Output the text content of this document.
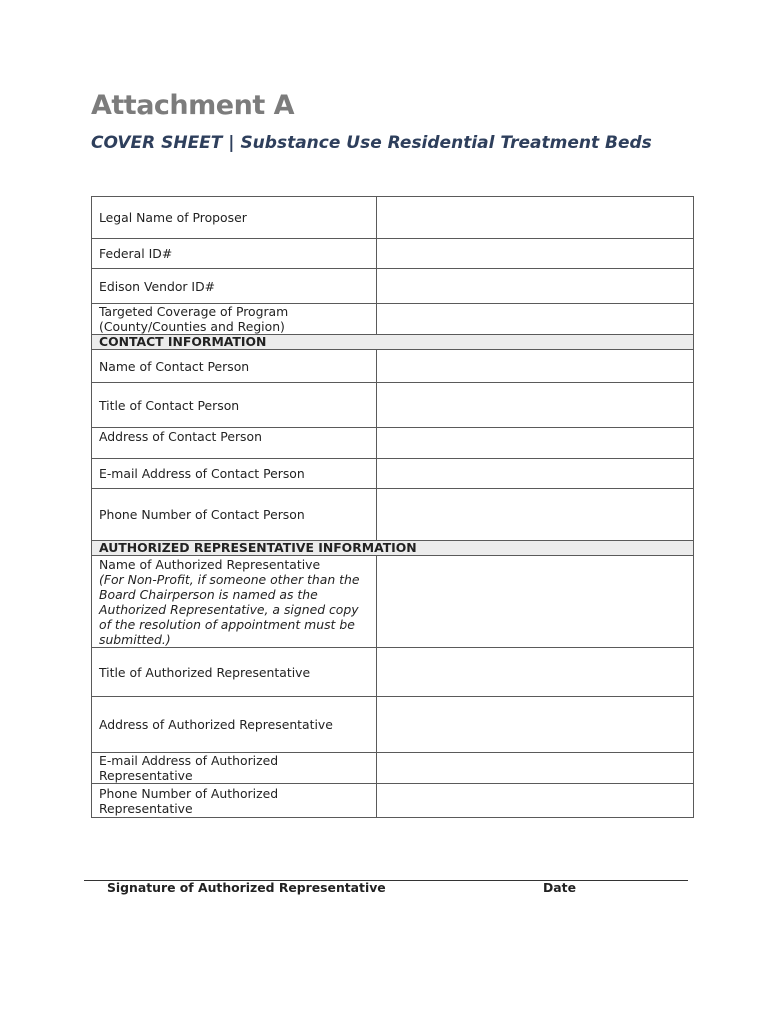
Attachment A
COVER SHEET | Substance Use Residential Treatment Beds
Legal Name of Proposer	
Federal ID#	
Edison Vendor ID#	
Targeted Coverage of Program (County/Counties and Region)	
CONTACT INFORMATION	
Name of Contact Person	
Title of Contact Person	
Address of Contact Person	
E-mail Address of Contact Person	
Phone Number of Contact Person	
AUTHORIZED REPRESENTATIVE INFORMATION	

Name of Authorized Representative
(For Non-Profit, if someone other than the Board Chairperson is named as the Authorized Representative, a signed copy of the resolution of appointment must be submitted.)	

Title of Authorized Representative	
Address of Authorized Representative	
E-mail Address of Authorized Representative	
Phone Number of Authorized Representative	
Signature of Authorized Representative	Date
